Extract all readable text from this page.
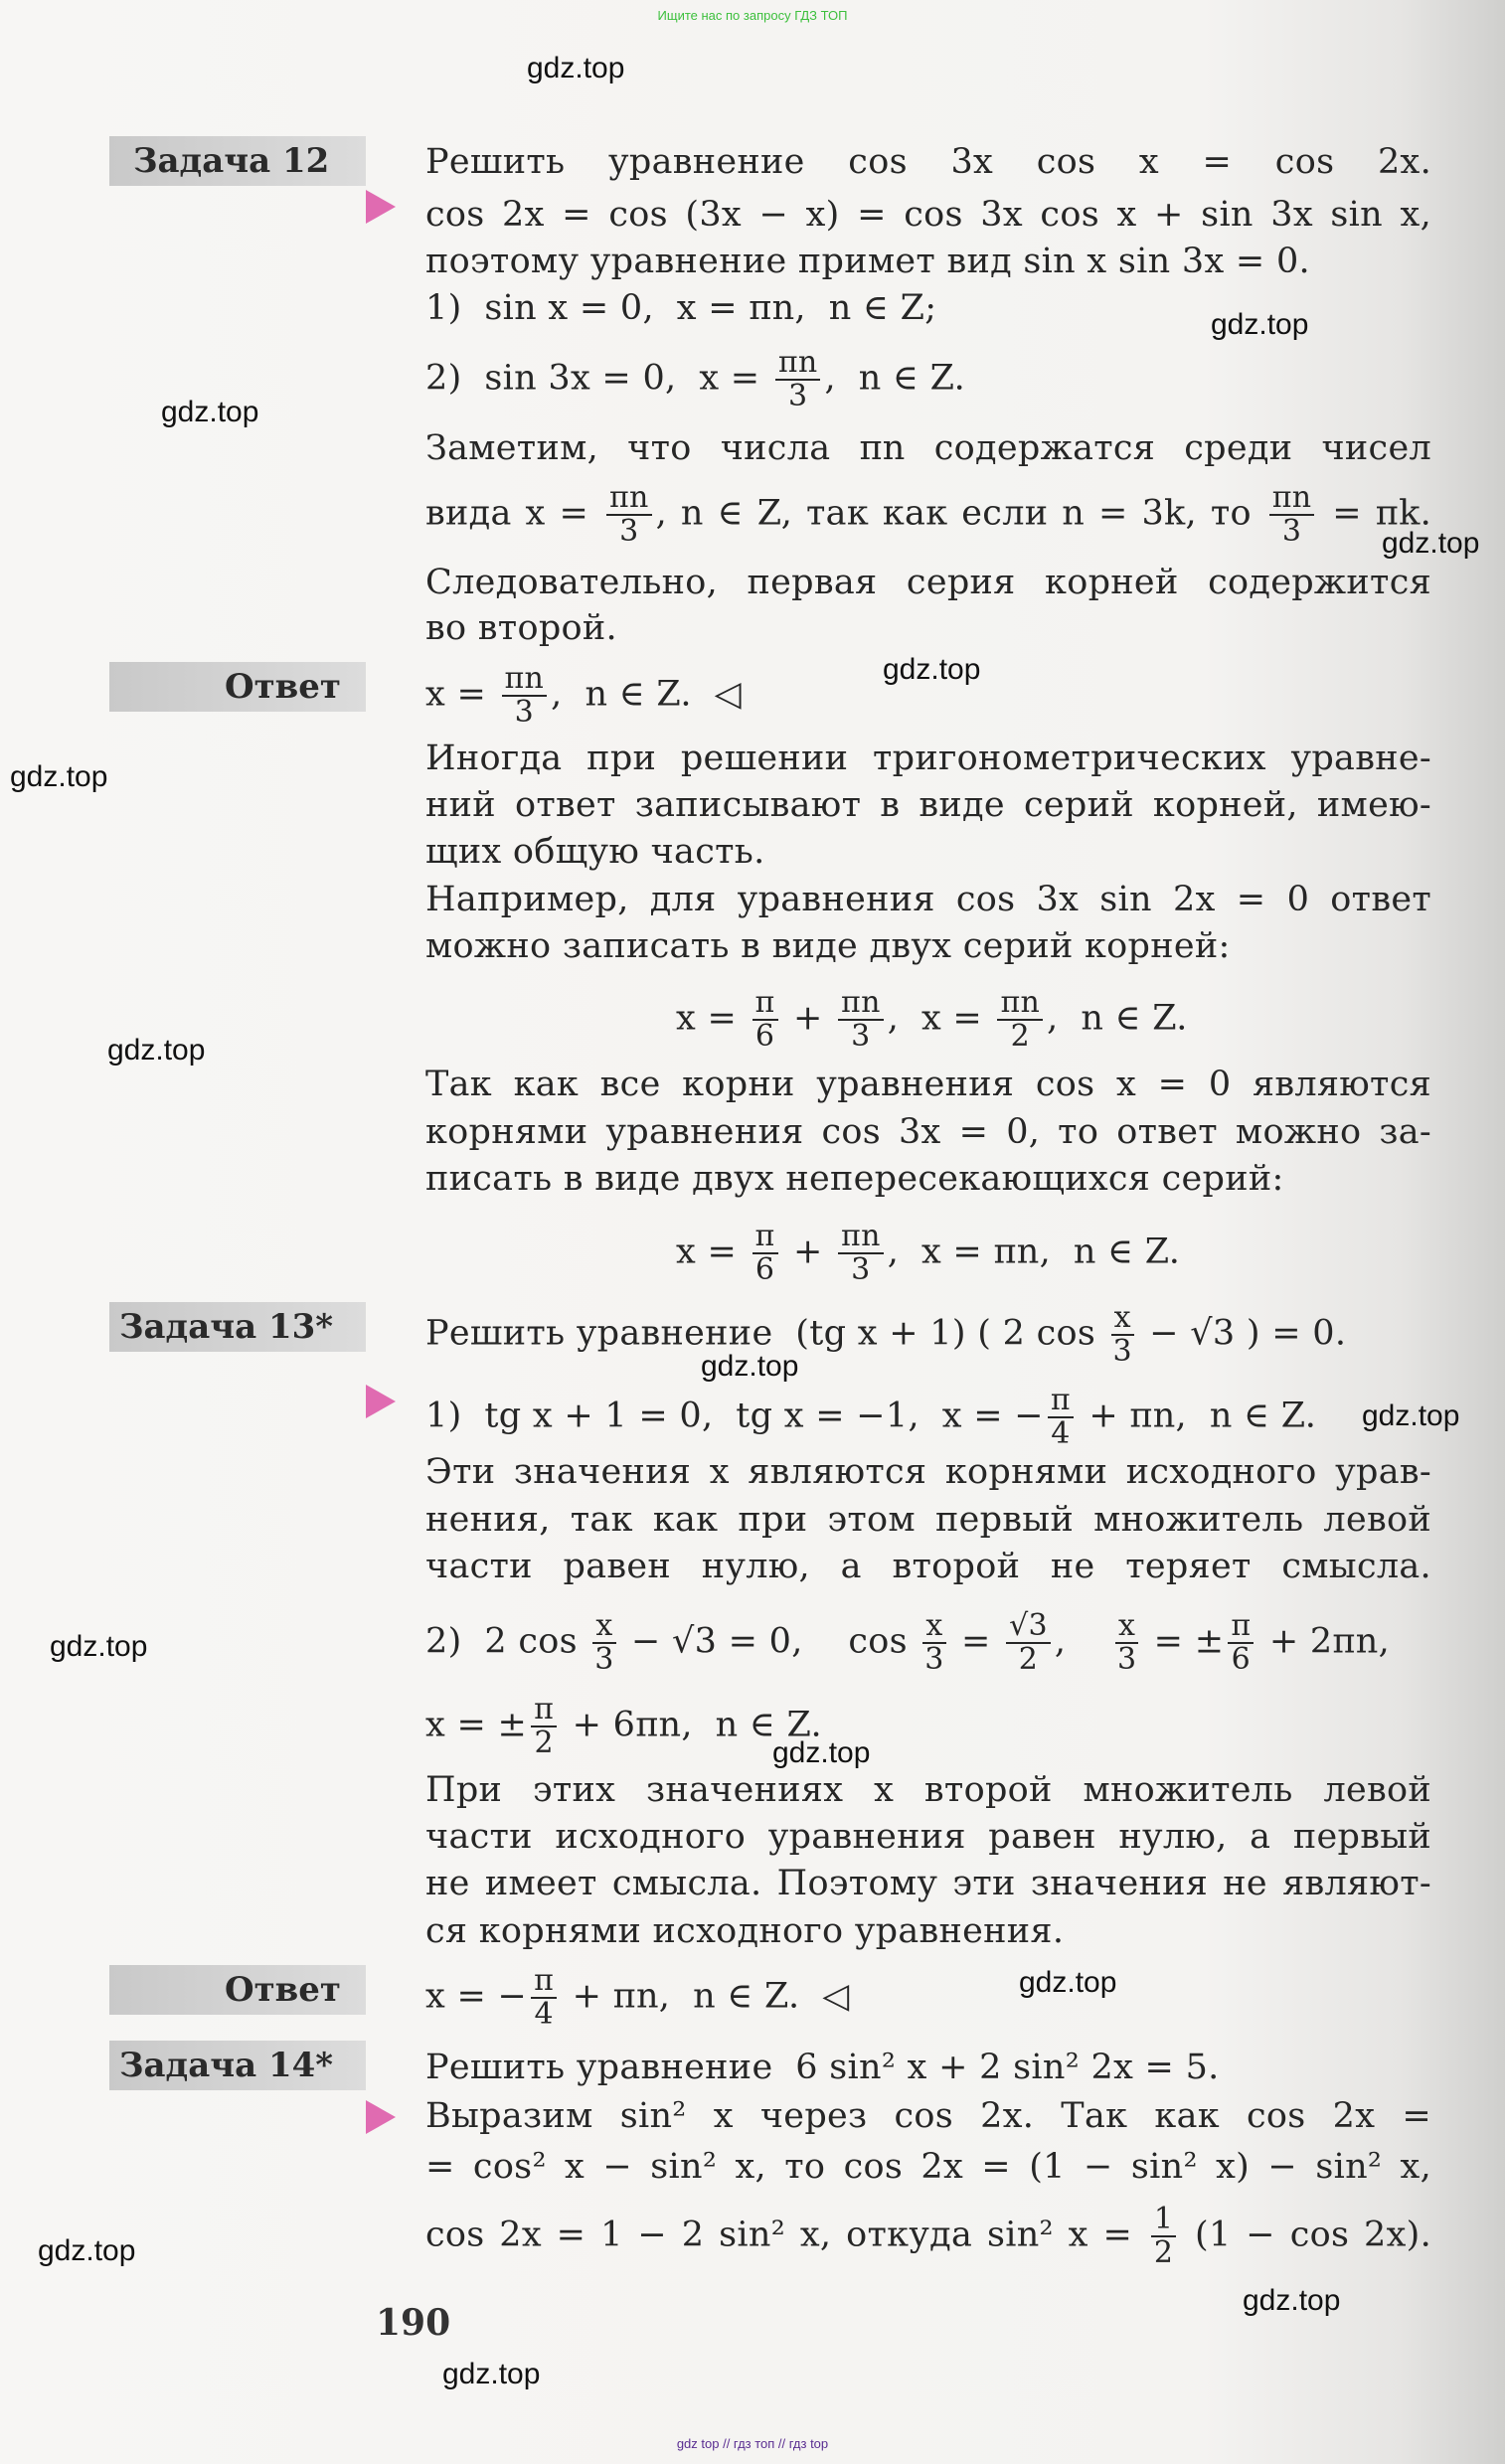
Ищите нас по запросу ГДЗ ТОП
Задача 12
Ответ
Задача 13*
Ответ
Задача 14*
Решить уравнение cos 3x cos x = cos 2x.
cos 2x = cos (3x − x) = cos 3x cos x + sin 3x sin x,
поэтому уравнение примет вид sin x sin 3x = 0.
1)  sin x = 0,  x = πn,  n ∈ Z;
2)  sin 3x = 0,  $x = \frac{\pi n}{3}$ ,  n ∈ Z.
Заметим, что числа πn содержатся среди чисел
вида $x = \frac{\pi n}{3}$ , n ∈ Z, так как если n = 3k, то $\frac{\pi n}{3} = \pi k$.
Следовательно, первая серия корней содержится
во второй.
$x = \frac{\pi n}{3}$ ,  n ∈ Z.  ◁
Иногда при решении тригонометрических уравне-
ний ответ записывают в виде серий корней, имею-
щих общую часть.
Например, для уравнения cos 3x sin 2x = 0 ответ
можно записать в виде двух серий корней:
$x = \frac{\pi}{6} + \frac{\pi n}{3}$ ,  $x = \frac{\pi n}{2}$ ,  n ∈ Z.
Так как все корни уравнения cos x = 0 являются
корнями уравнения cos 3x = 0, то ответ можно за-
писать в виде двух непересекающихся серий:
$x = \frac{\pi}{6} + \frac{\pi n}{3}$ ,  x = πn,  n ∈ Z.
Решить уравнение  (tg x + 1) ( 2 $\cos \frac{x}{3} - √3$ ) = 0.
1)  tg x + 1 = 0,  tg x = −1,  x = − $\frac{\pi}{4} + \pi n$,  n ∈ Z.
Эти значения x являются корнями исходного урав-
нения, так как при этом первый множитель левой
части равен нулю, а второй не теряет смысла.
2)  2 $\cos \frac{x}{3} - √3 = 0$,    $\cos \frac{x}{3} = \frac{√3}{2}$ , $\frac{x}{3}$ = ± $\frac{\pi}{6} + 2\pi n$,
x = ± $\frac{\pi}{2} + 6\pi n$,  n ∈ Z.
При этих значениях x второй множитель левой
части исходного уравнения равен нулю, а первый
не имеет смысла. Поэтому эти значения не являют-
ся корнями исходного уравнения.
x = − $\frac{\pi}{4} + \pi n$,  n ∈ Z.  ◁
Решить уравнение  6 sin² x + 2 sin² 2x = 5.
Выразим sin² x через cos 2x. Так как cos 2x =
= cos² x − sin² x, то cos 2x = (1 − sin² x) − sin² x,
cos 2x = 1 − 2 sin² x, откуда sin² $x = \frac{1}{2} (1 - \cos 2x)$.
190
gdz.top
gdz.top
gdz.top
gdz.top
gdz.top
gdz.top
gdz.top
gdz.top
gdz.top
gdz.top
gdz.top
gdz.top
gdz.top
gdz.top
gdz.top
gdz top // гдз топ // гдз top
